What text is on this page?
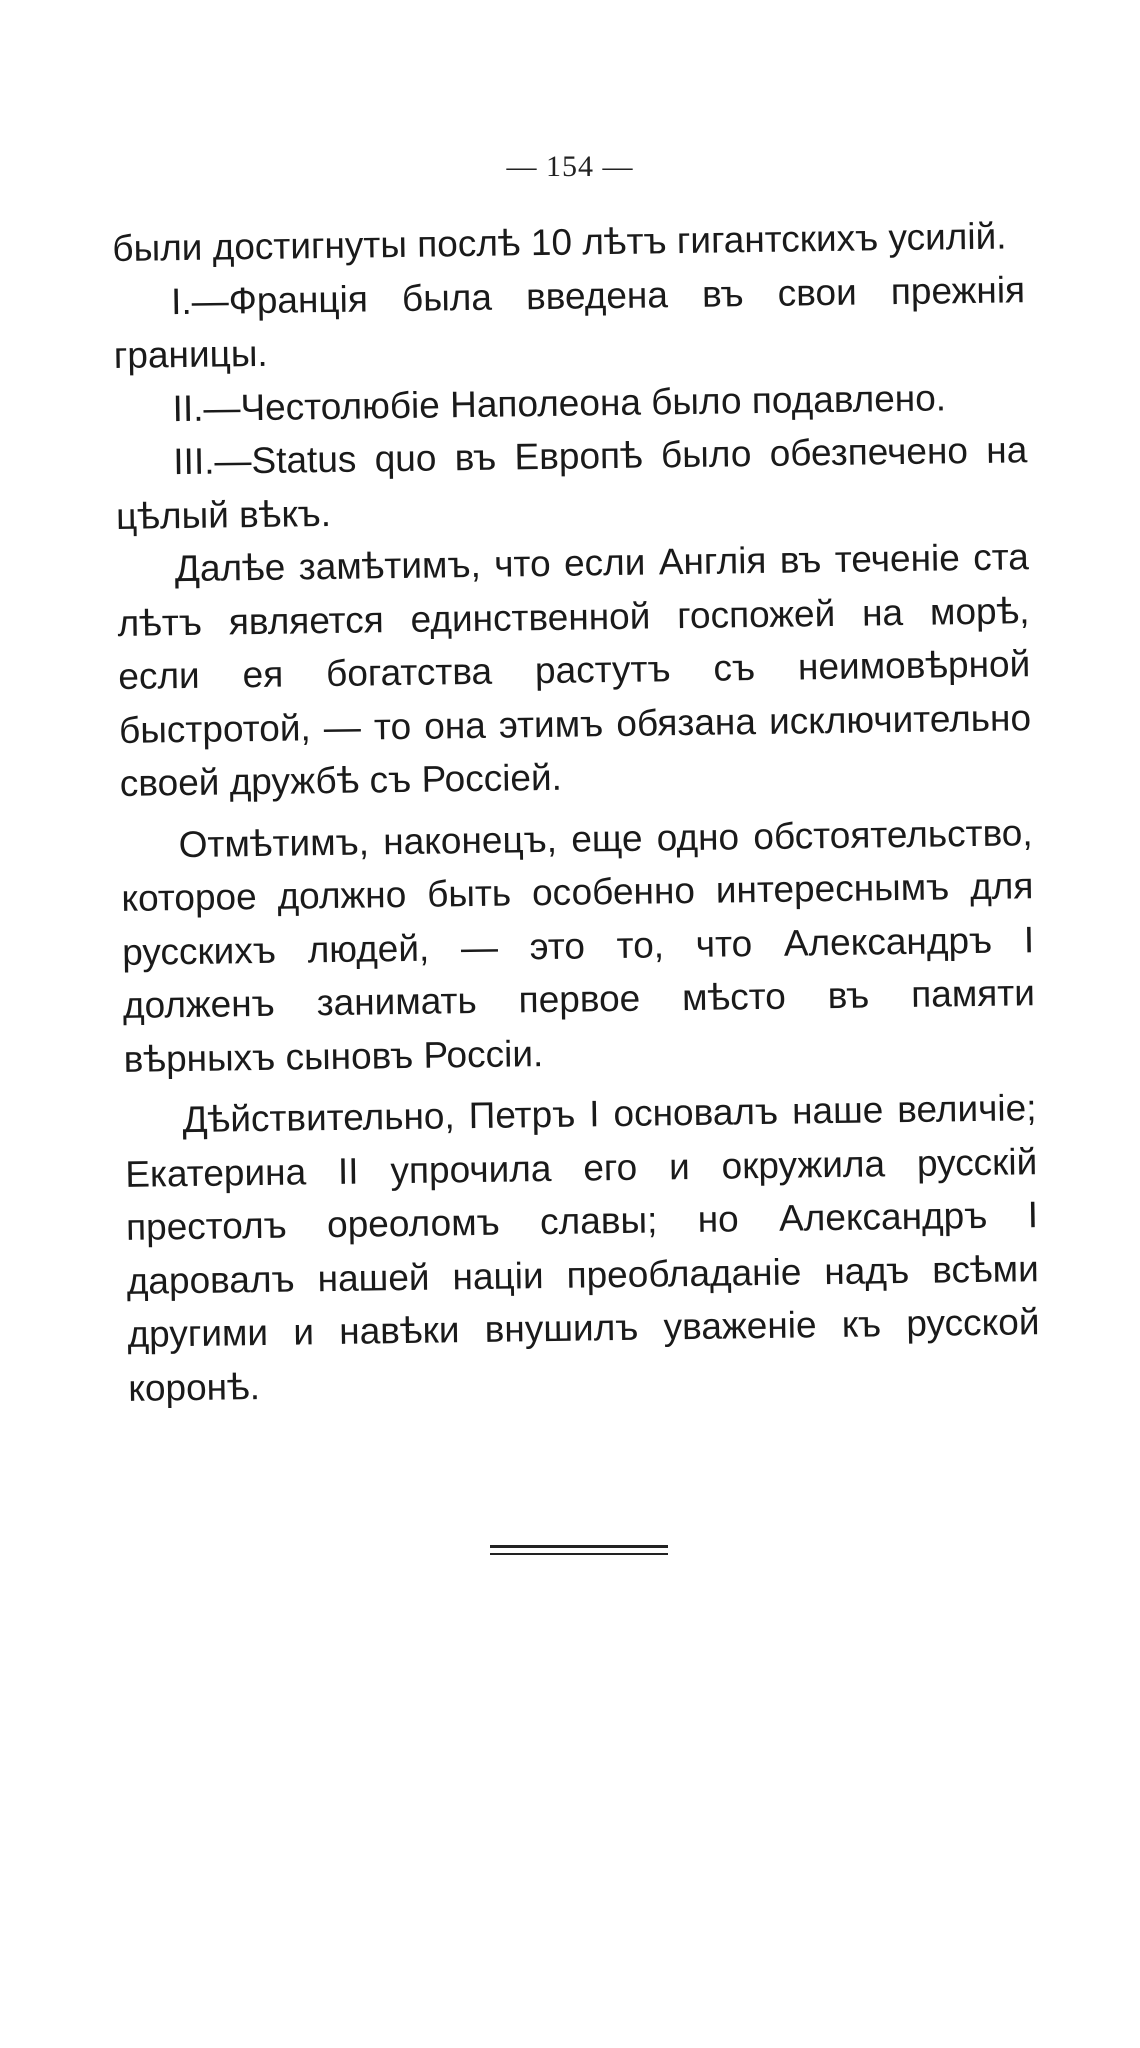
— 154 —

были достигнуты послѣ 10 лѣтъ гигантскихъ усилій.

I.—Францiя была введена въ свои прежнiя границы.

II.—Честолюбiе Наполеона было подавлено.

III.—Status quo въ Европѣ было обезпечено на цѣлый вѣкъ.

Далѣе замѣтимъ, что если Англiя въ теченiе ста лѣтъ является единственной госпожей на морѣ, если ея богатства растутъ съ неимовѣрной быстротой, — то она этимъ обязана исключительно своей дружбѣ съ Россiей.

Отмѣтимъ, наконецъ, еще одно обстоятельство, которое должно быть особенно интереснымъ для русскихъ людей, — это то, что Александръ I долженъ занимать первое мѣсто въ памяти вѣрныхъ сыновъ Россiи.

Дѣйствительно, Петръ I основалъ наше величiе; Екатерина II упрочила его и окружила русскiй престолъ ореоломъ славы; но Александръ I даровалъ нашей нацiи преобладанiе надъ всѣми другими и навѣки внушилъ уваженiе къ русской коронѣ.
